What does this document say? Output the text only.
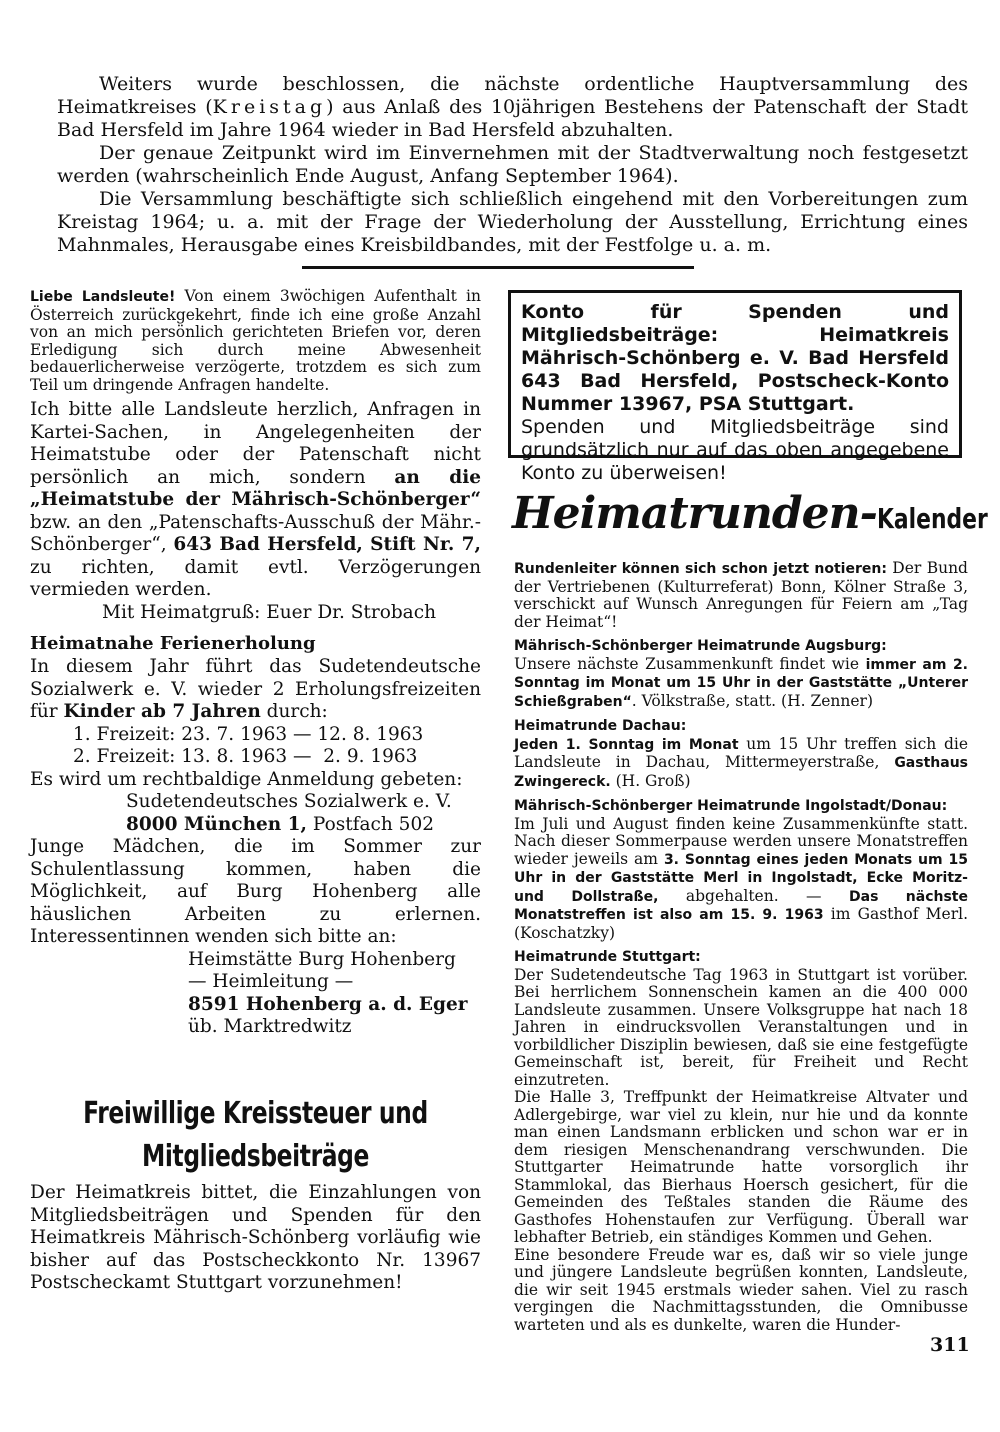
Weiters wurde beschlossen, die nächste ordentliche Hauptversammlung des Heimatkreises (Kreistag) aus Anlaß des 10jährigen Bestehens der Patenschaft der Stadt Bad Hersfeld im Jahre 1964 wieder in Bad Hersfeld abzuhalten.

Der genaue Zeitpunkt wird im Einvernehmen mit der Stadtverwaltung noch festgesetzt werden (wahrscheinlich Ende August, Anfang September 1964).

Die Versammlung beschäftigte sich schließlich eingehend mit den Vorbereitungen zum Kreistag 1964; u. a. mit der Frage der Wiederholung der Ausstellung, Errichtung eines Mahnmales, Herausgabe eines Kreisbildbandes, mit der Festfolge u. a. m.

Liebe Landsleute! Von einem 3wöchigen Aufenthalt in Österreich zurückgekehrt, finde ich eine große Anzahl von an mich persönlich gerichteten Briefen vor, deren Erledigung sich durch meine Abwesenheit bedauerlicherweise verzögerte, trotzdem es sich zum Teil um dringende Anfragen handelte.
Ich bitte alle Landsleute herzlich, Anfragen in Kartei-Sachen, in Angelegenheiten der Heimatstube oder der Patenschaft nicht persönlich an mich, sondern an die „Heimatstube der Mährisch-Schönberger“ bzw. an den „Patenschafts-Ausschuß der Mähr.-Schönberger“, 643 Bad Hersfeld, Stift Nr. 7, zu richten, damit evtl. Verzögerungen vermieden werden.
Mit Heimatgruß: Euer Dr. Strobach
Heimatnahe Ferienerholung
In diesem Jahr führt das Sudetendeutsche Sozialwerk e. V. wieder 2 Erholungsfreizeiten für Kinder ab 7 Jahren durch:
1. Freizeit: 23. 7. 1963 — 12. 8. 1963
2. Freizeit: 13. 8. 1963 —  2. 9. 1963
Es wird um rechtbaldige Anmeldung gebeten:
Sudetendeutsches Sozialwerk e. V.
8000 München 1, Postfach 502
Junge Mädchen, die im Sommer zur Schulentlassung kommen, haben die Möglichkeit, auf Burg Hohenberg alle häuslichen Arbeiten zu erlernen. Interessentinnen wenden sich bitte an:
Heimstätte Burg Hohenberg
— Heimleitung —
8591 Hohenberg a. d. Eger
üb. Marktredwitz
Freiwillige Kreissteuer und
Mitgliedsbeiträge
Der Heimatkreis bittet, die Einzahlungen von Mitgliedsbeiträgen und Spenden für den Heimatkreis Mährisch-Schönberg vorläufig wie bisher auf das Postscheckkonto Nr. 13967 Postscheckamt Stuttgart vorzunehmen!
Konto für Spenden und Mitgliedsbeiträge: Heimatkreis Mährisch-Schönberg e. V. Bad Hersfeld 643 Bad Hersfeld, Postscheck-Konto Nummer 13967, PSA Stuttgart.
Spenden und Mitgliedsbeiträge sind grundsätzlich nur auf das oben angegebene Konto zu überweisen!
Heimatrunden-Kalender
Rundenleiter können sich schon jetzt notieren: Der Bund der Vertriebenen (Kulturreferat) Bonn, Kölner Straße 3, verschickt auf Wunsch Anregungen für Feiern am „Tag der Heimat“!
Mährisch-Schönberger Heimatrunde Augsburg:
Unsere nächste Zusammenkunft findet wie immer am 2. Sonntag im Monat um 15 Uhr in der Gaststätte „Unterer Schießgraben“. Völkstraße, statt. (H. Zenner)
Heimatrunde Dachau:
Jeden 1. Sonntag im Monat um 15 Uhr treffen sich die Landsleute in Dachau, Mittermeyerstraße, Gasthaus Zwingereck. (H. Groß)
Mährisch-Schönberger Heimatrunde Ingolstadt/Donau:
Im Juli und August finden keine Zusammenkünfte statt. Nach dieser Sommerpause werden unsere Monatstreffen wieder jeweils am 3. Sonntag eines jeden Monats um 15 Uhr in der Gaststätte Merl in Ingolstadt, Ecke Moritz- und Dollstraße, abgehalten. — Das nächste Monatstreffen ist also am 15. 9. 1963 im Gasthof Merl. (Koschatzky)
Heimatrunde Stuttgart:
Der Sudetendeutsche Tag 1963 in Stuttgart ist vorüber. Bei herrlichem Sonnenschein kamen an die 400 000 Landsleute zusammen. Unsere Volksgruppe hat nach 18 Jahren in eindrucksvollen Veranstaltungen und in vorbildlicher Disziplin bewiesen, daß sie eine festgefügte Gemeinschaft ist, bereit, für Freiheit und Recht einzutreten.
Die Halle 3, Treffpunkt der Heimatkreise Altvater und Adlergebirge, war viel zu klein, nur hie und da konnte man einen Landsmann erblicken und schon war er in dem riesigen Menschenandrang verschwunden. Die Stuttgarter Heimatrunde hatte vorsorglich ihr Stammlokal, das Bierhaus Hoersch gesichert, für die Gemeinden des Teßtales standen die Räume des Gasthofes Hohenstaufen zur Verfügung. Überall war lebhafter Betrieb, ein ständiges Kommen und Gehen.
Eine besondere Freude war es, daß wir so viele junge und jüngere Landsleute begrüßen konnten, Landsleute, die wir seit 1945 erstmals wieder sahen. Viel zu rasch vergingen die Nachmittagsstunden, die Omnibusse warteten und als es dunkelte, waren die Hunder-
311
